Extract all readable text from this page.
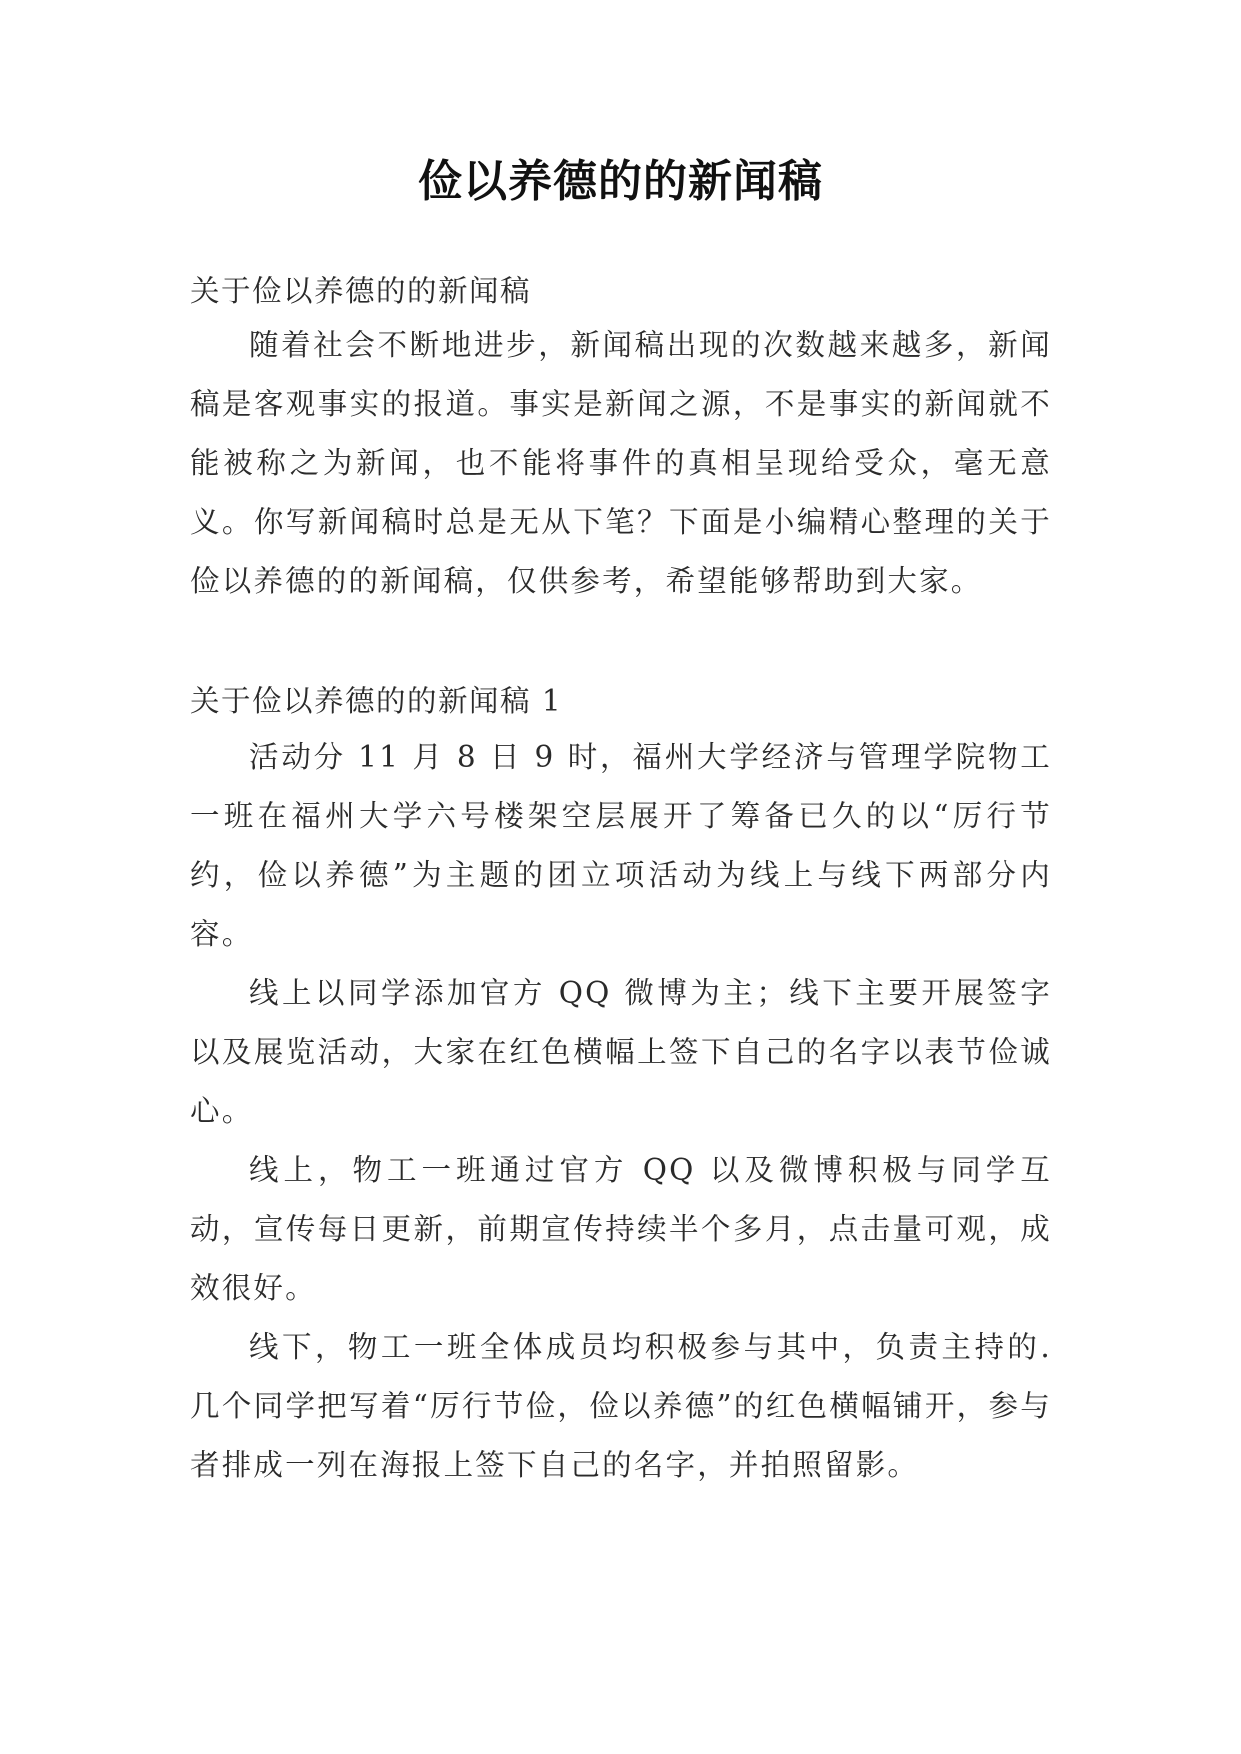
俭以养德的的新闻稿
关于俭以养德的的新闻稿

随着社会不断地进步，新闻稿出现的次数越来越多，新闻稿是客观事实的报道。事实是新闻之源，不是事实的新闻就不能被称之为新闻，也不能将事件的真相呈现给受众，毫无意义。你写新闻稿时总是无从下笔？下面是小编精心整理的关于俭以养德的的新闻稿，仅供参考，希望能够帮助到大家。

关于俭以养德的的新闻稿 1

活动分 11 月 8 日 9 时，福州大学经济与管理学院物工一班在福州大学六号楼架空层展开了筹备已久的以“厉行节约，俭以养德”为主题的团立项活动为线上与线下两部分内容。

线上以同学添加官方 QQ 微博为主；线下主要开展签字以及展览活动，大家在红色横幅上签下自己的名字以表节俭诚心。

线上，物工一班通过官方 QQ 以及微博积极与同学互动，宣传每日更新，前期宣传持续半个多月，点击量可观，成效很好。

线下，物工一班全体成员均积极参与其中，负责主持的.几个同学把写着“厉行节俭，俭以养德”的红色横幅铺开，参与者排成一列在海报上签下自己的名字，并拍照留影。
